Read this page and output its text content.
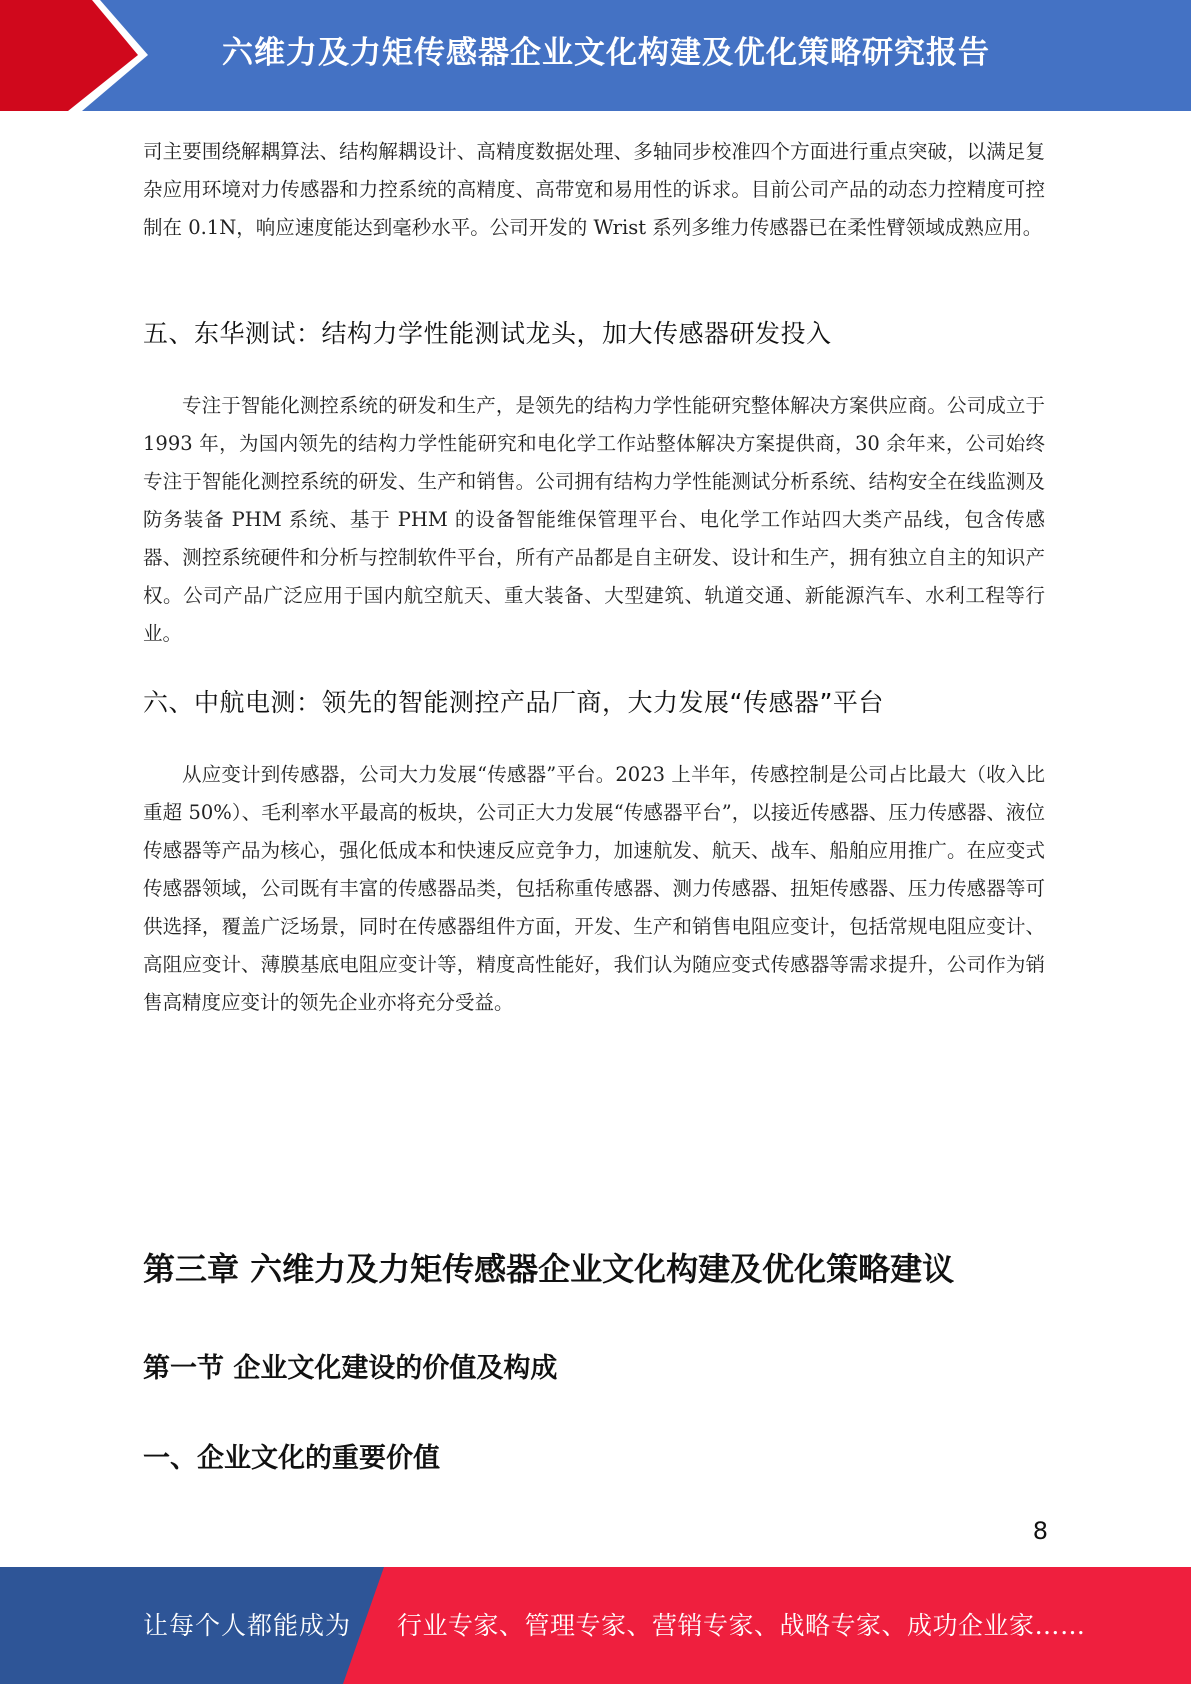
六维力及力矩传感器企业文化构建及优化策略研究报告

司主要围绕解耦算法、结构解耦设计、高精度数据处理、多轴同步校准四个方面进行重点突破，以满足复杂应用环境对力传感器和力控系统的高精度、高带宽和易用性的诉求。目前公司产品的动态力控精度可控制在 0.1N，响应速度能达到毫秒水平。公司开发的 Wrist 系列多维力传感器已在柔性臂领域成熟应用。

五、东华测试：结构力学性能测试龙头，加大传感器研发投入

专注于智能化测控系统的研发和生产，是领先的结构力学性能研究整体解决方案供应商。公司成立于 1993 年，为国内领先的结构力学性能研究和电化学工作站整体解决方案提供商，30 余年来，公司始终专注于智能化测控系统的研发、生产和销售。公司拥有结构力学性能测试分析系统、结构安全在线监测及防务装备 PHM 系统、基于 PHM 的设备智能维保管理平台、电化学工作站四大类产品线，包含传感器、测控系统硬件和分析与控制软件平台，所有产品都是自主研发、设计和生产，拥有独立自主的知识产权。公司产品广泛应用于国内航空航天、重大装备、大型建筑、轨道交通、新能源汽车、水利工程等行业。

六、中航电测：领先的智能测控产品厂商，大力发展“传感器”平台

从应变计到传感器，公司大力发展“传感器”平台。2023 上半年，传感控制是公司占比最大（收入比重超 50%）、毛利率水平最高的板块，公司正大力发展“传感器平台”，以接近传感器、压力传感器、液位传感器等产品为核心，强化低成本和快速反应竞争力，加速航发、航天、战车、船舶应用推广。在应变式传感器领域，公司既有丰富的传感器品类，包括称重传感器、测力传感器、扭矩传感器、压力传感器等可供选择，覆盖广泛场景，同时在传感器组件方面，开发、生产和销售电阻应变计，包括常规电阻应变计、高阻应变计、薄膜基底电阻应变计等，精度高性能好，我们认为随应变式传感器等需求提升，公司作为销售高精度应变计的领先企业亦将充分受益。

第三章 六维力及力矩传感器企业文化构建及优化策略建议
第一节 企业文化建设的价值及构成
一、企业文化的重要价值
8
让每个人都能成为 行业专家、管理专家、营销专家、战略专家、成功企业家……
